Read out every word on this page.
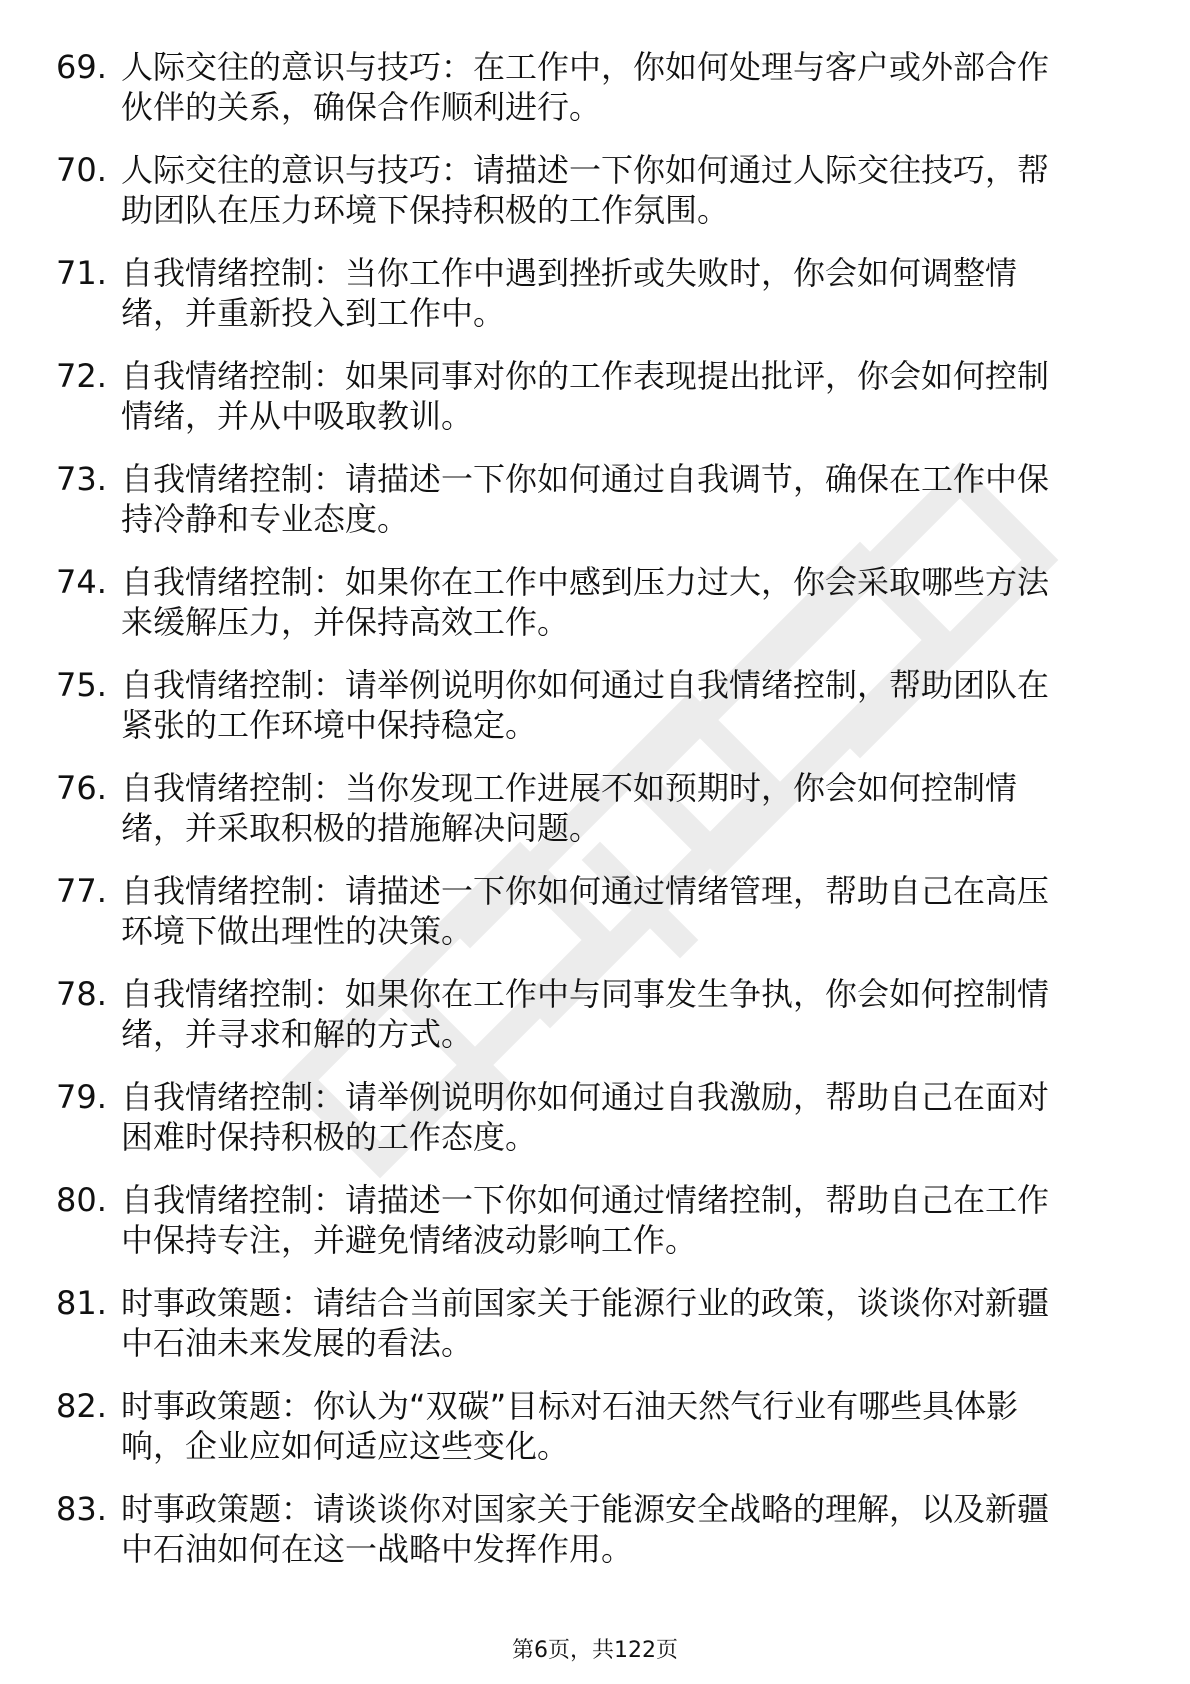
69. 人际交往的意识与技巧：在工作中，你如何处理与客户或外部合作伙伴的关系，确保合作顺利进行。
70. 人际交往的意识与技巧：请描述一下你如何通过人际交往技巧，帮助团队在压力环境下保持积极的工作氛围。
71. 自我情绪控制：当你工作中遇到挫折或失败时，你会如何调整情绪，并重新投入到工作中。
72. 自我情绪控制：如果同事对你的工作表现提出批评，你会如何控制情绪，并从中吸取教训。
73. 自我情绪控制：请描述一下你如何通过自我调节，确保在工作中保持冷静和专业态度。
74. 自我情绪控制：如果你在工作中感到压力过大，你会采取哪些方法来缓解压力，并保持高效工作。
75. 自我情绪控制：请举例说明你如何通过自我情绪控制，帮助团队在紧张的工作环境中保持稳定。
76. 自我情绪控制：当你发现工作进展不如预期时，你会如何控制情绪，并采取积极的措施解决问题。
77. 自我情绪控制：请描述一下你如何通过情绪管理，帮助自己在高压环境下做出理性的决策。
78. 自我情绪控制：如果你在工作中与同事发生争执，你会如何控制情绪，并寻求和解的方式。
79. 自我情绪控制：请举例说明你如何通过自我激励，帮助自己在面对困难时保持积极的工作态度。
80. 自我情绪控制：请描述一下你如何通过情绪控制，帮助自己在工作中保持专注，并避免情绪波动影响工作。
81. 时事政策题：请结合当前国家关于能源行业的政策，谈谈你对新疆中石油未来发展的看法。
82. 时事政策题：你认为“双碳”目标对石油天然气行业有哪些具体影响，企业应如何适应这些变化。
83. 时事政策题：请谈谈你对国家关于能源安全战略的理解，以及新疆中石油如何在这一战略中发挥作用。
第6页，共122页
